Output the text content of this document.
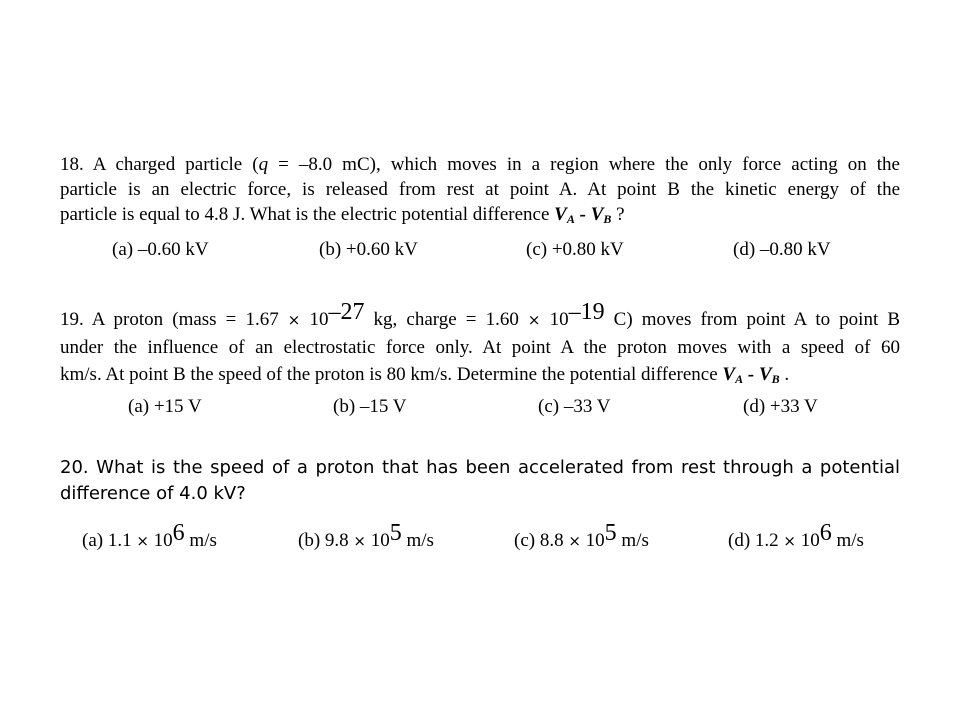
18. A charged particle (q = –8.0 mC), which moves in a region where the only force acting on the
particle is an electric force, is released from rest at point A. At point B the kinetic energy of the
particle is equal to 4.8 J. What is the electric potential difference $V_A - V_B$ ?
(a) –0.60 kV	(b) +0.60 kV	(c) +0.80 kV	(d) –0.80 kV
19. A proton (mass = 1.67 × 10–27 kg, charge = 1.60 × 10–19 C) moves from point A to point B
under the influence of an electrostatic force only. At point A the proton moves with a speed of 60
km/s. At point B the speed of the proton is 80 km/s. Determine the potential difference $V_A - V_B$ .
(a) +15 V	(b) –15 V	(c) –33 V	(d) +33 V
20. What is the speed of a proton that has been accelerated from rest through a potential
difference of 4.0 kV?
(a) 1.1 × 106 m/s	(b) 9.8 × 105 m/s	(c) 8.8 × 105 m/s	(d) 1.2 × 106 m/s
